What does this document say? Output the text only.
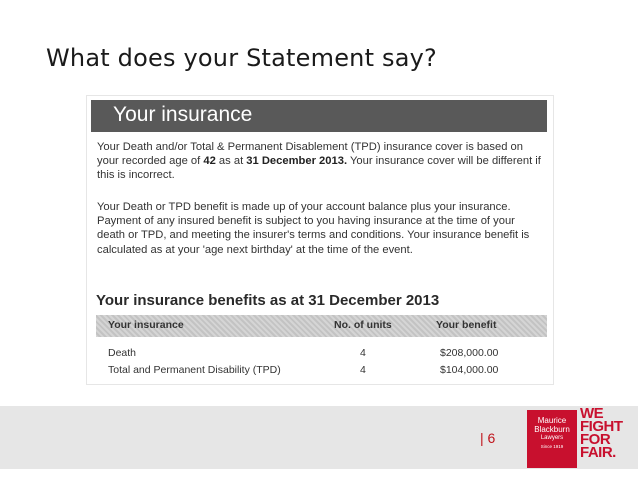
What does your Statement say?
Your insurance
Your Death and/or Total & Permanent Disablement (TPD) insurance cover is based on your recorded age of 42 as at 31 December 2013. Your insurance cover will be different if this is incorrect.
Your Death or TPD benefit is made up of your account balance plus your insurance. Payment of any insured benefit is subject to you having insurance at the time of your death or TPD, and meeting the insurer's terms and conditions. Your insurance benefit is calculated as at your 'age next birthday' at the time of the event.
Your insurance benefits as at 31 December 2013
Your insurance	No. of units	Your benefit
Death	4	$208,000.00
Total and Permanent Disability (TPD)	4	$104,000.00
| 6
Maurice
Blackburn
Lawyers
Since 1919
WE
FIGHT
FOR
FAIR.
